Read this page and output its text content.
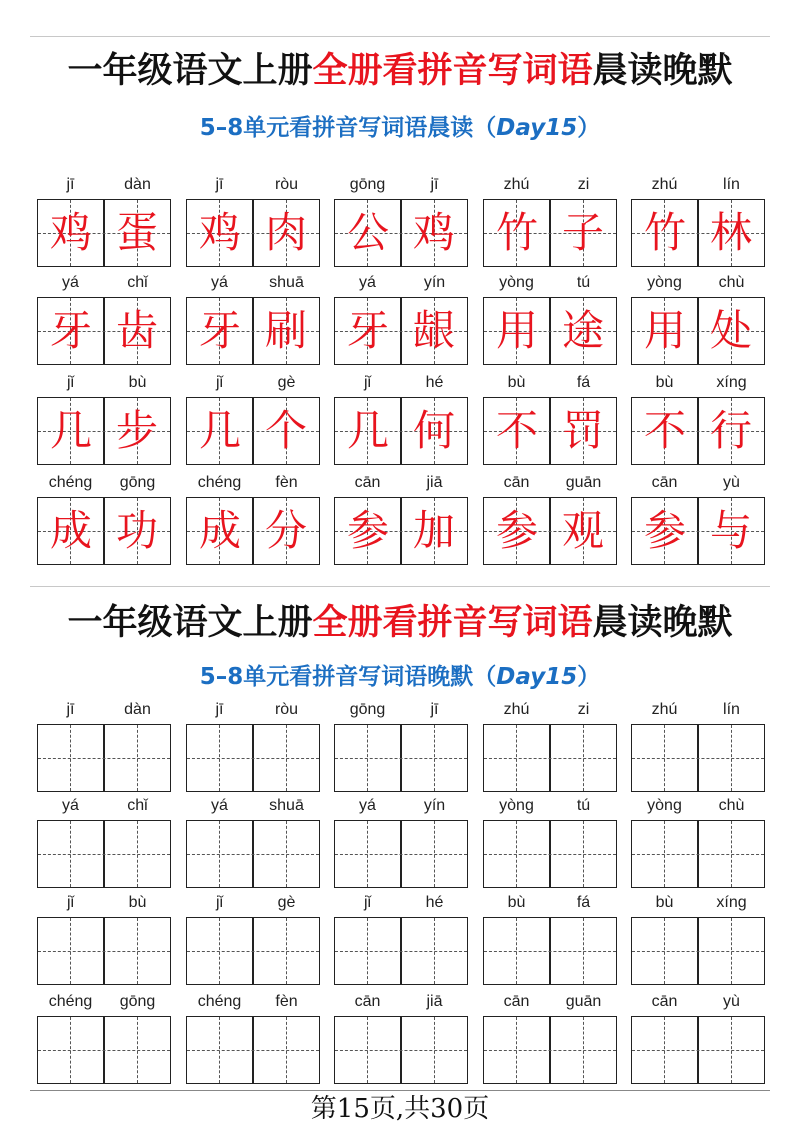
一年级语文上册全册看拼音写词语晨读晚默
5–8单元看拼音写词语晨读（Day15）
jī	dàn
鸡 蛋
jī	ròu
鸡 肉
gōng	jī
公 鸡
zhú	zi
竹 子
zhú	lín
竹 林
yá	chǐ
牙 齿
yá	shuā
牙 刷
yá	yín
牙 龈
yòng	tú
用 途
yòng	chù
用 处
jǐ	bù
几 步
jǐ	gè
几 个
jǐ	hé
几 何
bù	fá
不 罚
bù	xíng
不 行
chéng	gōng
成 功
chéng	fèn
成 分
cān	jiā
参 加
cān	guān
参 观
cān	yù
参 与
一年级语文上册全册看拼音写词语晨读晚默
5–8单元看拼音写词语晚默（Day15）
jī	dàn	jī	ròu	gōng	jī	zhú	zi	zhú	lín
yá	chǐ	yá	shuā	yá	yín	yòng	tú	yòng	chù
jǐ	bù	jǐ	gè	jǐ	hé	bù	fá	bù	xíng
chéng	gōng	chéng	fèn	cān	jiā	cān	guān	cān	yù
第15页,共30页
